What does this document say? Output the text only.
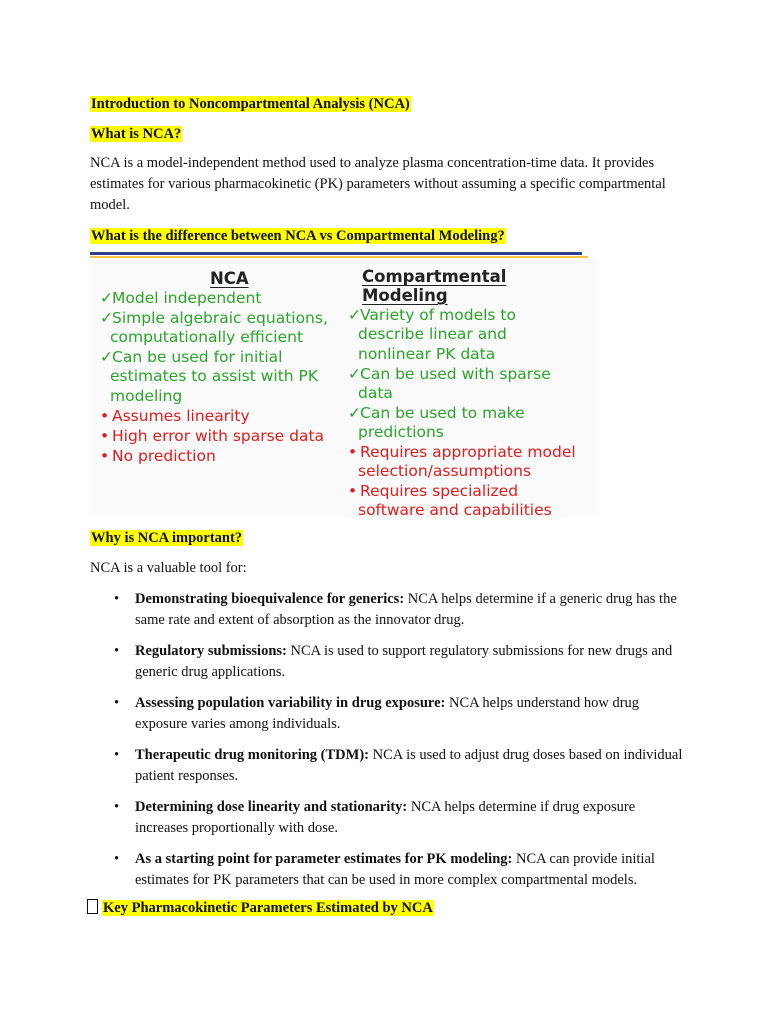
Introduction to Noncompartmental Analysis (NCA)

What is NCA?

NCA is a model-independent method used to analyze plasma concentration-time data. It provides estimates for various pharmacokinetic (PK) parameters without assuming a specific compartmental model.

What is the difference between NCA vs Compartmental Modeling?

NCA
✓Model independent
✓Simple algebraic equations,
computationally efficient
✓Can be used for initial
estimates to assist with PK
modeling
• Assumes linearity
• High error with sparse data
• No prediction
Compartmental Modeling
✓Variety of models to
describe linear and
nonlinear PK data
✓Can be used with sparse
data
✓Can be used to make
predictions
• Requires appropriate model
selection/assumptions
• Requires specialized
software and capabilities

Why is NCA important?

NCA is a valuable tool for:

• Demonstrating bioequivalence for generics: NCA helps determine if a generic drug has the same rate and extent of absorption as the innovator drug.
• Regulatory submissions: NCA is used to support regulatory submissions for new drugs and generic drug applications.
• Assessing population variability in drug exposure: NCA helps understand how drug exposure varies among individuals.
• Therapeutic drug monitoring (TDM): NCA is used to adjust drug doses based on individual patient responses.
• Determining dose linearity and stationarity: NCA helps determine if drug exposure increases proportionally with dose.
• As a starting point for parameter estimates for PK modeling: NCA can provide initial estimates for PK parameters that can be used in more complex compartmental models.

Key Pharmacokinetic Parameters Estimated by NCA
